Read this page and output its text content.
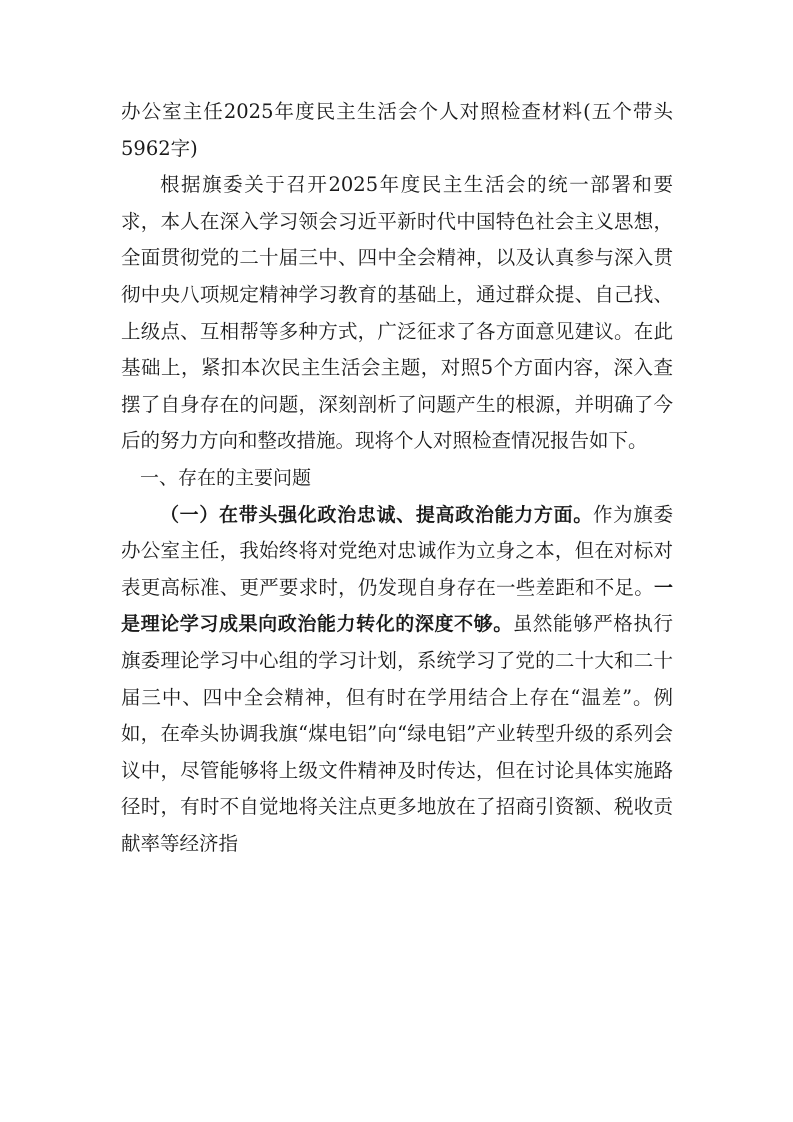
办公室主任2025年度民主生活会个人对照检查材料(五个带头 5962字)

根据旗委关于召开2025年度民主生活会的统一部署和要求，本人在深入学习领会习近平新时代中国特色社会主义思想，全面贯彻党的二十届三中、四中全会精神，以及认真参与深入贯彻中央八项规定精神学习教育的基础上，通过群众提、自己找、上级点、互相帮等多种方式，广泛征求了各方面意见建议。在此基础上，紧扣本次民主生活会主题，对照5个方面内容，深入查摆了自身存在的问题，深刻剖析了问题产生的根源，并明确了今后的努力方向和整改措施。现将个人对照检查情况报告如下。

一、存在的主要问题

（一）在带头强化政治忠诚、提高政治能力方面。作为旗委办公室主任，我始终将对党绝对忠诚作为立身之本，但在对标对表更高标准、更严要求时，仍发现自身存在一些差距和不足。一是理论学习成果向政治能力转化的深度不够。虽然能够严格执行旗委理论学习中心组的学习计划，系统学习了党的二十大和二十届三中、四中全会精神，但有时在学用结合上存在“温差”。例如，在牵头协调我旗“煤电铝”向“绿电铝”产业转型升级的系列会议中，尽管能够将上级文件精神及时传达，但在讨论具体实施路径时，有时不自觉地将关注点更多地放在了招商引资额、税收贡献率等经济指
